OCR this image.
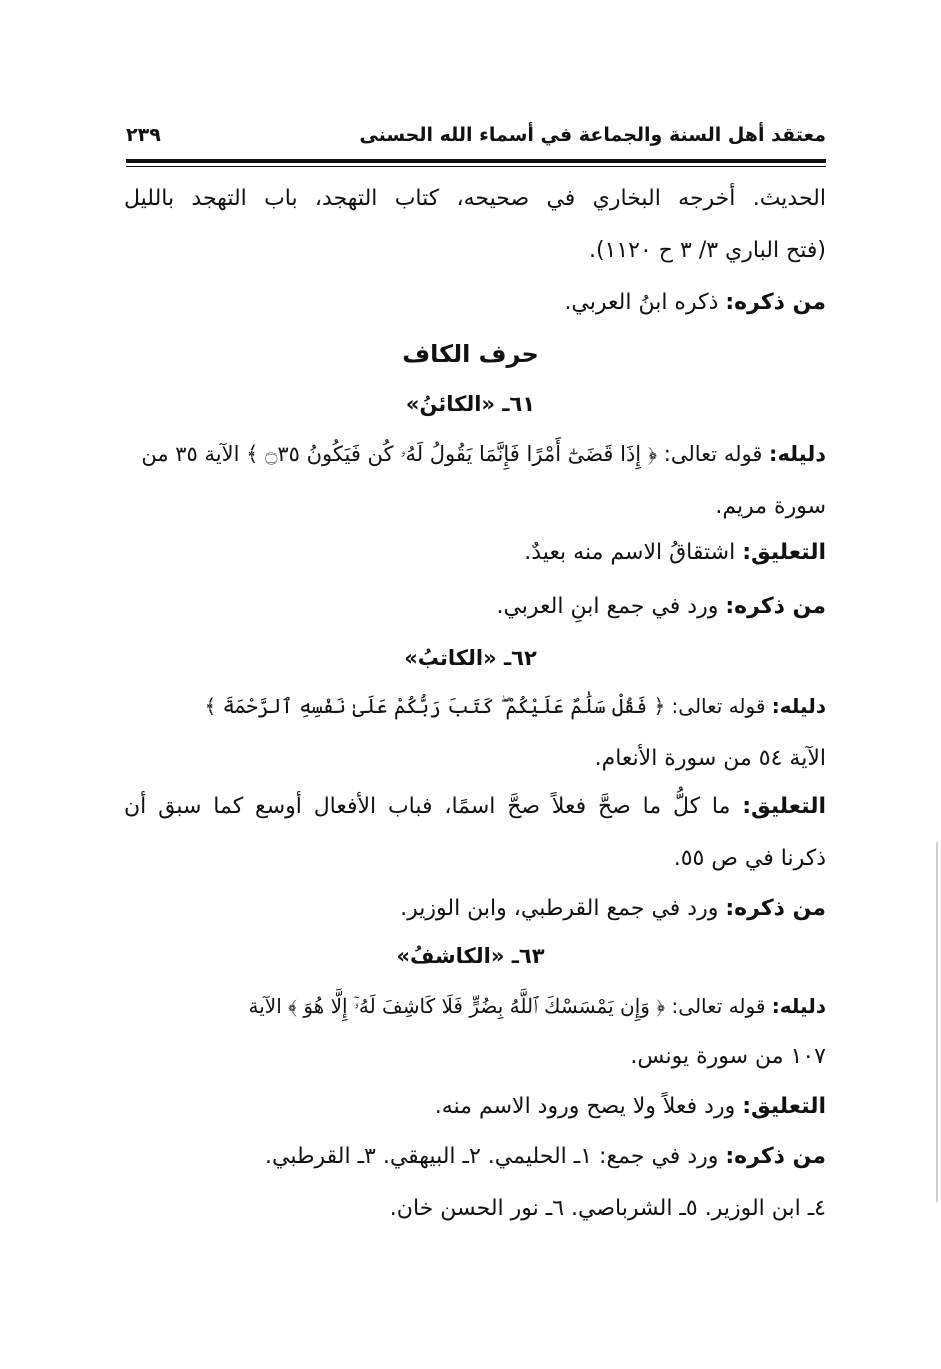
معتقد أهل السنة والجماعة في أسماء الله الحسنى
٢٣٩
الحديث. أخرجه البخاري في صحيحه، كتاب التهجد، باب التهجد بالليل
(فتح الباري ٣/ ٣ ح ١١٢٠).
من ذكره: ذكره ابنُ العربي.
حرف الكاف
٦١ـ «الكائنُ»
دليله: قوله تعالى: ﴿ إِذَا قَضَىٰٓ أَمْرًا فَإِنَّمَا يَقُولُ لَهُۥ كُن فَيَكُونُ ۝٣٥ ﴾ الآية ٣٥ من
سورة مريم.
التعليق: اشتقاقُ الاسم منه بعيدٌ.
من ذكره: ورد في جمع ابنِ العربي.
٦٢ـ «الكاتبُ»
دليله: قوله تعالى: ﴿ فَقُلْ سَلَٰمٌ عَلَيْكُمْ ۖ كَتَبَ رَبُّكُمْ عَلَىٰ نَفْسِهِ ٱلرَّحْمَةَ ﴾
الآية ٥٤ من سورة الأنعام.
التعليق: ما كلُّ ما صحَّ فعلاً صحَّ اسمًا، فباب الأفعال أوسع كما سبق أن
ذكرنا في ص ٥٥.
من ذكره: ورد في جمع القرطبي، وابن الوزير.
٦٣ـ «الكاشفُ»
دليله: قوله تعالى: ﴿ وَإِن يَمْسَسْكَ ٱللَّهُ بِضُرٍّ فَلَا كَاشِفَ لَهُۥٓ إِلَّا هُوَ ﴾ الآية
١٠٧ من سورة يونس.
التعليق: ورد فعلاً ولا يصح ورود الاسم منه.
من ذكره: ورد في جمع: ١ـ الحليمي. ٢ـ البيهقي. ٣ـ القرطبي.
٤ـ ابن الوزير. ٥ـ الشرباصي. ٦ـ نور الحسن خان.
